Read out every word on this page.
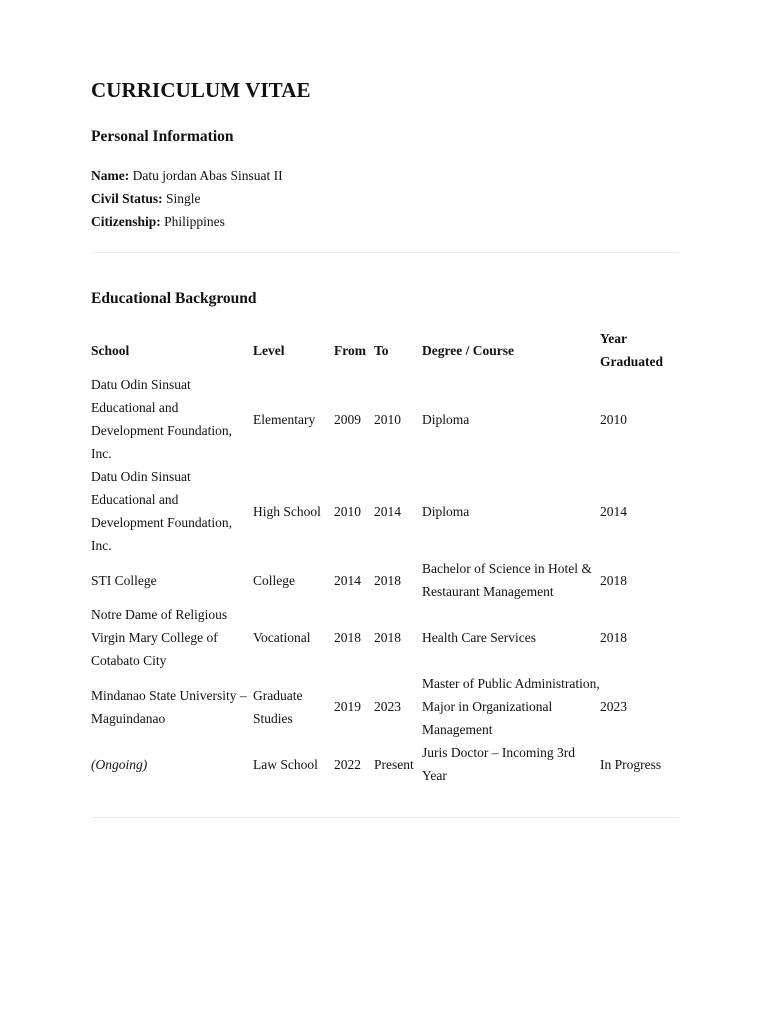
CURRICULUM VITAE
Personal Information

Name: Datu jordan Abas Sinsuat II

Civil Status: Single

Citizenship: Philippines

Educational Background
School	Level	From	To	Degree / Course	Year Graduated
Datu Odin Sinsuat Educational and Development Foundation, Inc.	Elementary	2009	2010	Diploma	2010
Datu Odin Sinsuat Educational and Development Foundation, Inc.	High School	2010	2014	Diploma	2014
STI College	College	2014	2018	Bachelor of Science in Hotel & Restaurant Management	2018
Notre Dame of Religious Virgin Mary College of Cotabato City	Vocational	2018	2018	Health Care Services	2018
Mindanao State University – Maguindanao	Graduate Studies	2019	2023	Master of Public Administration, Major in Organizational Management	2023
(Ongoing)	Law School	2022	Present	Juris Doctor – Incoming 3rd Year	In Progress
